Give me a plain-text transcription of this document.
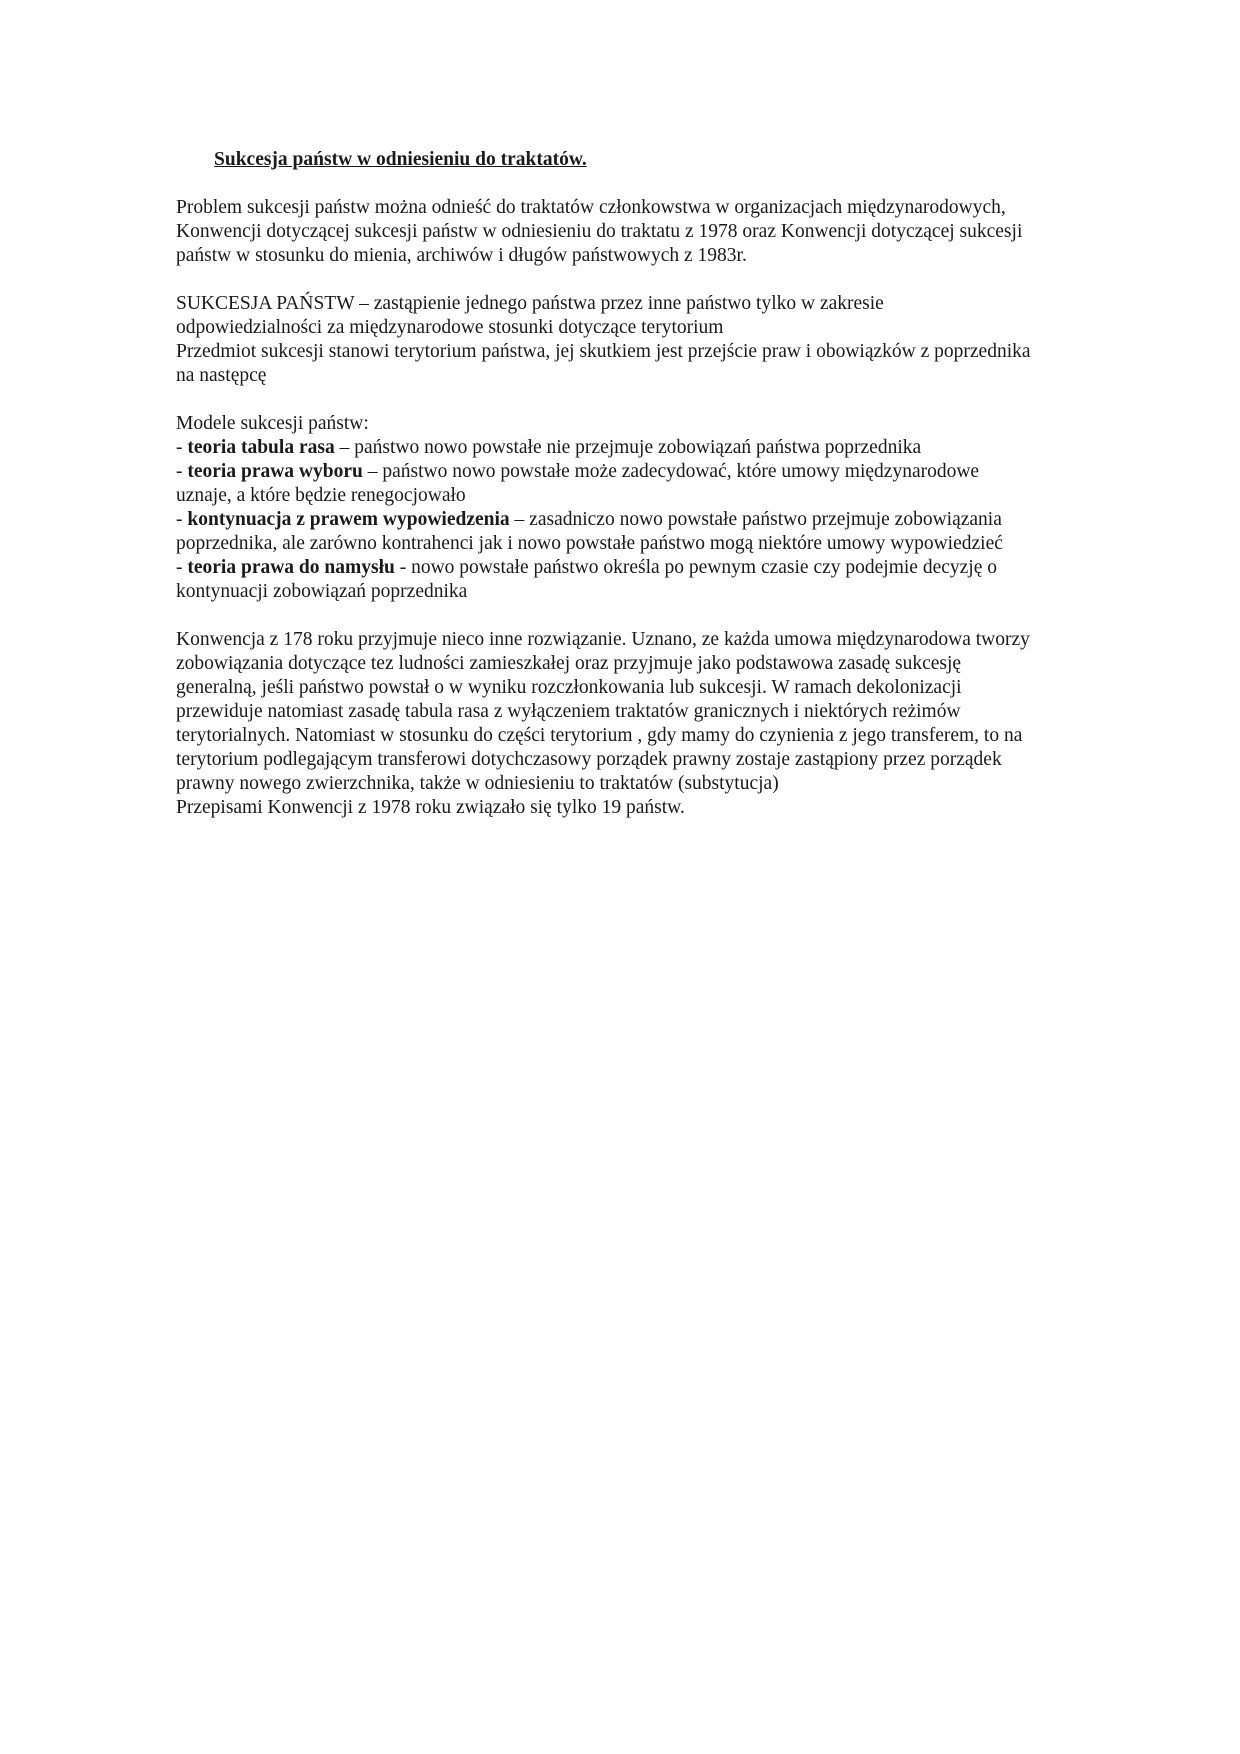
Sukcesja państw w odniesieniu do traktatów.
Problem sukcesji państw można odnieść do traktatów członkowstwa w organizacjach międzynarodowych,
Konwencji dotyczącej sukcesji państw w odniesieniu do traktatu z 1978 oraz Konwencji dotyczącej sukcesji
państw w stosunku do mienia, archiwów i długów państwowych z 1983r.
SUKCESJA PAŃSTW – zastąpienie jednego państwa przez inne państwo tylko w zakresie
odpowiedzialności za międzynarodowe stosunki dotyczące terytorium
Przedmiot sukcesji stanowi terytorium państwa, jej skutkiem jest przejście praw i obowiązków z poprzednika
na następcę
Modele sukcesji państw:
- teoria tabula rasa – państwo nowo powstałe nie przejmuje zobowiązań państwa poprzednika
- teoria prawa wyboru – państwo nowo powstałe może zadecydować, które umowy międzynarodowe
uznaje, a które będzie renegocjowało
- kontynuacja z prawem wypowiedzenia – zasadniczo nowo powstałe państwo przejmuje zobowiązania
poprzednika, ale zarówno kontrahenci jak i nowo powstałe państwo mogą niektóre umowy wypowiedzieć
- teoria prawa do namysłu - nowo powstałe państwo określa po pewnym czasie czy podejmie decyzję o
kontynuacji zobowiązań poprzednika
Konwencja z 178 roku przyjmuje nieco inne rozwiązanie. Uznano, ze każda umowa międzynarodowa tworzy
zobowiązania dotyczące tez ludności zamieszkałej oraz przyjmuje jako podstawowa zasadę sukcesję
generalną, jeśli państwo powstał o w wyniku rozczłonkowania lub sukcesji. W ramach dekolonizacji
przewiduje natomiast zasadę tabula rasa z wyłączeniem traktatów granicznych i niektórych reżimów
terytorialnych. Natomiast w stosunku do części terytorium , gdy mamy do czynienia z jego transferem, to na
terytorium podlegającym transferowi dotychczasowy porządek prawny zostaje zastąpiony przez porządek
prawny nowego zwierzchnika, także w odniesieniu to traktatów (substytucja)
Przepisami Konwencji z 1978 roku związało się tylko 19 państw.
